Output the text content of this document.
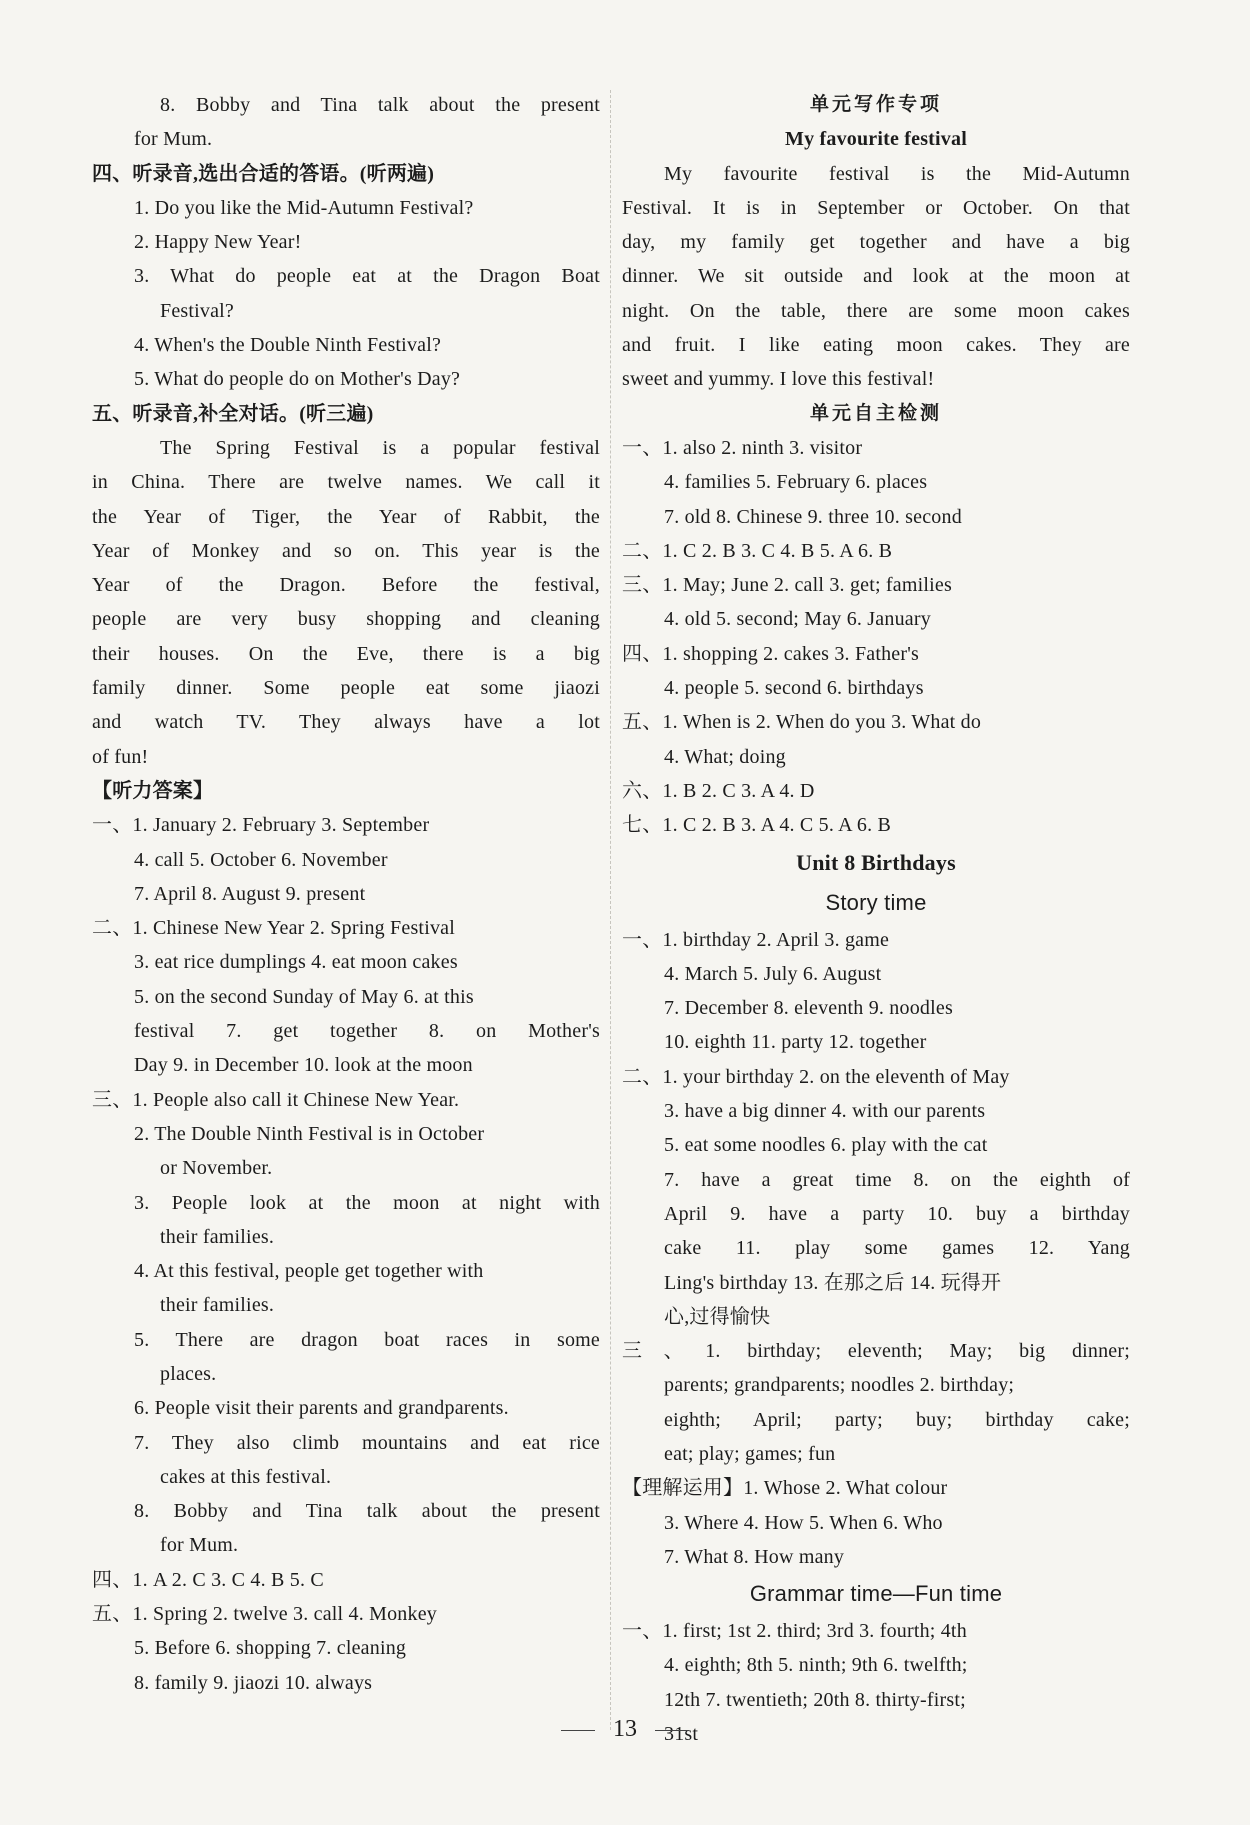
8. Bobby and Tina talk about the present
for Mum.
四、听录音,选出合适的答语。(听两遍)
1. Do you like the Mid-Autumn Festival?
2. Happy New Year!
3. What do people eat at the Dragon Boat
Festival?
4. When's the Double Ninth Festival?
5. What do people do on Mother's Day?
五、听录音,补全对话。(听三遍)
The Spring Festival is a popular festival
in China. There are twelve names. We call it
the Year of Tiger, the Year of Rabbit, the
Year of Monkey and so on. This year is the
Year of the Dragon. Before the festival,
people are very busy shopping and cleaning
their houses. On the Eve, there is a big
family dinner. Some people eat some jiaozi
and watch TV. They always have a lot
of fun!
【听力答案】
一、1. January 2. February 3. September
4. call 5. October 6. November
7. April 8. August 9. present
二、1. Chinese New Year 2. Spring Festival
3. eat rice dumplings 4. eat moon cakes
5. on the second Sunday of May 6. at this
festival 7. get together 8. on Mother's
Day 9. in December 10. look at the moon
三、1. People also call it Chinese New Year.
2. The Double Ninth Festival is in October
or November.
3. People look at the moon at night with
their families.
4. At this festival, people get together with
their families.
5. There are dragon boat races in some
places.
6. People visit their parents and grandparents.
7. They also climb mountains and eat rice
cakes at this festival.
8. Bobby and Tina talk about the present
for Mum.
四、1. A 2. C 3. C 4. B 5. C
五、1. Spring 2. twelve 3. call 4. Monkey
5. Before 6. shopping 7. cleaning
8. family 9. jiaozi 10. always
单元写作专项
My favourite festival
My favourite festival is the Mid-Autumn
Festival. It is in September or October. On that
day, my family get together and have a big
dinner. We sit outside and look at the moon at
night. On the table, there are some moon cakes
and fruit. I like eating moon cakes. They are
sweet and yummy. I love this festival!
单元自主检测
一、1. also 2. ninth 3. visitor
4. families 5. February 6. places
7. old 8. Chinese 9. three 10. second
二、1. C 2. B 3. C 4. B 5. A 6. B
三、1. May; June 2. call 3. get; families
4. old 5. second; May 6. January
四、1. shopping 2. cakes 3. Father's
4. people 5. second 6. birthdays
五、1. When is 2. When do you 3. What do
4. What; doing
六、1. B 2. C 3. A 4. D
七、1. C 2. B 3. A 4. C 5. A 6. B
Unit 8 Birthdays
Story time
一、1. birthday 2. April 3. game
4. March 5. July 6. August
7. December 8. eleventh 9. noodles
10. eighth 11. party 12. together
二、1. your birthday 2. on the eleventh of May
3. have a big dinner 4. with our parents
5. eat some noodles 6. play with the cat
7. have a great time 8. on the eighth of
April 9. have a party 10. buy a birthday
cake 11. play some games 12. Yang
Ling's birthday 13. 在那之后 14. 玩得开
心,过得愉快
三、1. birthday; eleventh; May; big dinner;
parents; grandparents; noodles 2. birthday;
eighth; April; party; buy; birthday cake;
eat; play; games; fun
【理解运用】1. Whose 2. What colour
3. Where 4. How 5. When 6. Who
7. What 8. How many
Grammar time—Fun time
一、1. first; 1st 2. third; 3rd 3. fourth; 4th
4. eighth; 8th 5. ninth; 9th 6. twelfth;
12th 7. twentieth; 20th 8. thirty-first;
31st
13
